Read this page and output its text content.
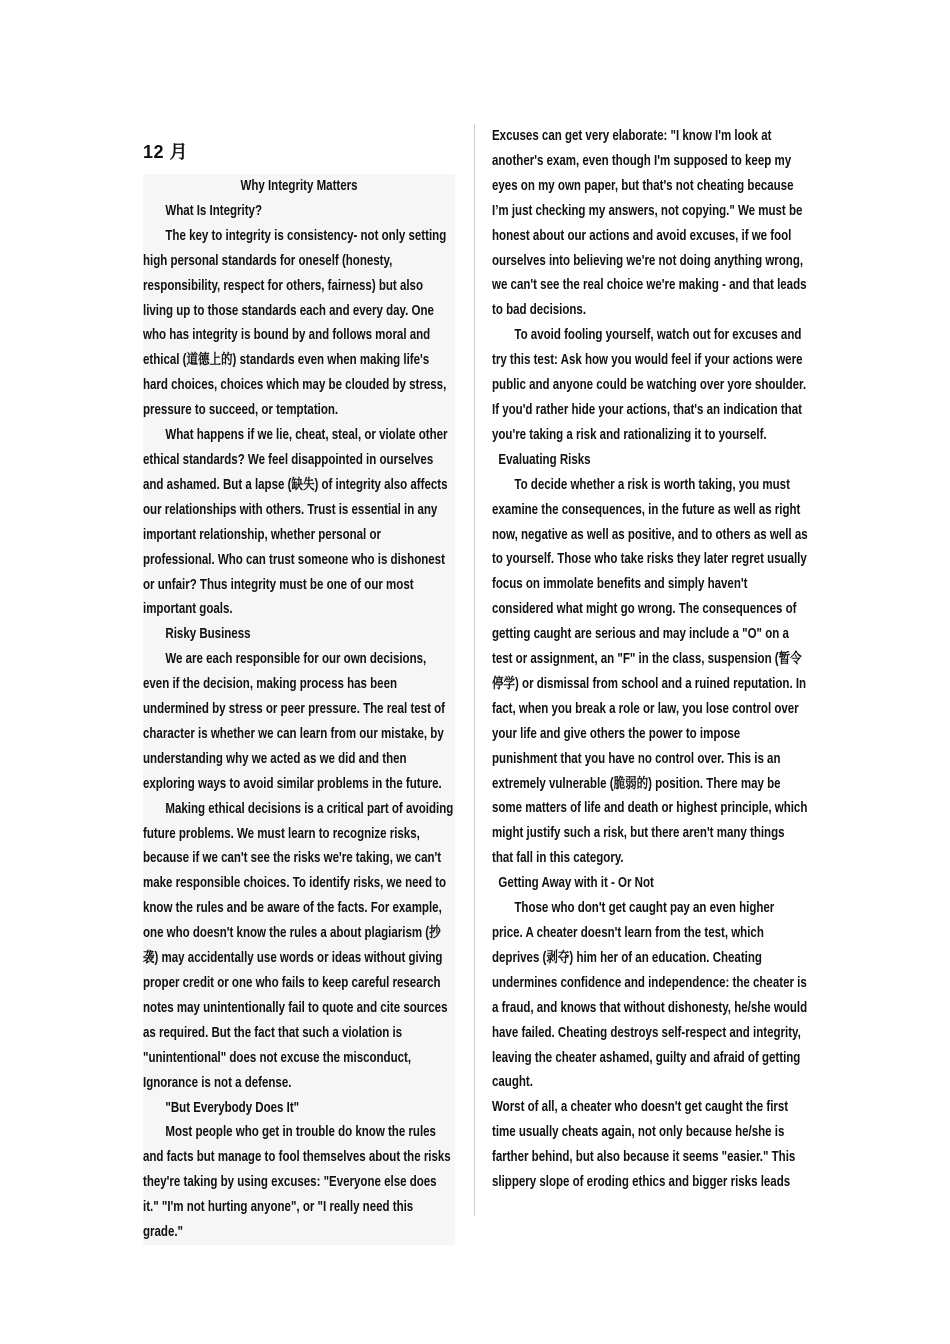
12 月

Why Integrity Matters

What Is Integrity?

The key to integrity is consistency- not only setting high personal standards for oneself (honesty, responsibility, respect for others, fairness) but also living up to those standards each and every day. One who has integrity is bound by and follows moral and ethical (道德上的) standards even when making life's hard choices, choices which may be clouded by stress, pressure to succeed, or temptation.

What happens if we lie, cheat, steal, or violate other ethical standards? We feel disappointed in ourselves and ashamed. But a lapse (缺失) of integrity also affects our relationships with others. Trust is essential in any important relationship, whether personal or professional. Who can trust someone who is dishonest or unfair? Thus integrity must be one of our most important goals.

Risky Business

We are each responsible for our own decisions, even if the decision, making process has been undermined by stress or peer pressure. The real test of character is whether we can learn from our mistake, by understanding why we acted as we did and then exploring ways to avoid similar problems in the future.

Making ethical decisions is a critical part of avoiding future problems. We must learn to recognize risks, because if we can't see the risks we're taking, we can't make responsible choices. To identify risks, we need to know the rules and be aware of the facts. For example, one who doesn't know the rules a about plagiarism (抄袭) may accidentally use words or ideas without giving proper credit or one who fails to keep careful research notes may unintentionally fail to quote and cite sources as required. But the fact that such a violation is "unintentional" does not excuse the misconduct, Ignorance is not a defense.

"But Everybody Does It"

Most people who get in trouble do know the rules and facts but manage to fool themselves about the risks they're taking by using excuses: "Everyone else does it." "I'm not hurting anyone", or "I really need this grade."

Excuses can get very elaborate: "I know I'm look at another's exam, even though I'm supposed to keep my eyes on my own paper, but that's not cheating because I’m just checking my answers, not copying." We must be honest about our actions and avoid excuses, if we fool ourselves into believing we're not doing anything wrong, we can't see the real choice we're making - and that leads to bad decisions.

To avoid fooling yourself, watch out for excuses and try this test: Ask how you would feel if your actions were public and anyone could be watching over yore shoulder. If you'd rather hide your actions, that's an indication that you're taking a risk and rationalizing it to yourself.

Evaluating Risks

To decide whether a risk is worth taking, you must examine the consequences, in the future as well as right now, negative as well as positive, and to others as well as to yourself. Those who take risks they later regret usually focus on immolate benefits and simply haven't considered what might go wrong. The consequences of getting caught are serious and may include a "O" on a test or assignment, an "F" in the class, suspension (暂令停学) or dismissal from school and a ruined reputation. In fact, when you break a role or law, you lose control over your life and give others the power to impose punishment that you have no control over. This is an extremely vulnerable (脆弱的) position. There may be some matters of life and death or highest principle, which might justify such a risk, but there aren't many things that fall in this category.

Getting Away with it - Or Not

Those who don't get caught pay an even higher price. A cheater doesn't learn from the test, which deprives (剥夺) him her of an education. Cheating undermines confidence and independence: the cheater is a fraud, and knows that without dishonesty, he/she would have failed. Cheating destroys self-respect and integrity, leaving the cheater ashamed, guilty and afraid of getting caught.

Worst of all, a cheater who doesn't get caught the first time usually cheats again, not only because he/she is farther behind, but also because it seems "easier." This slippery slope of eroding ethics and bigger risks leads
